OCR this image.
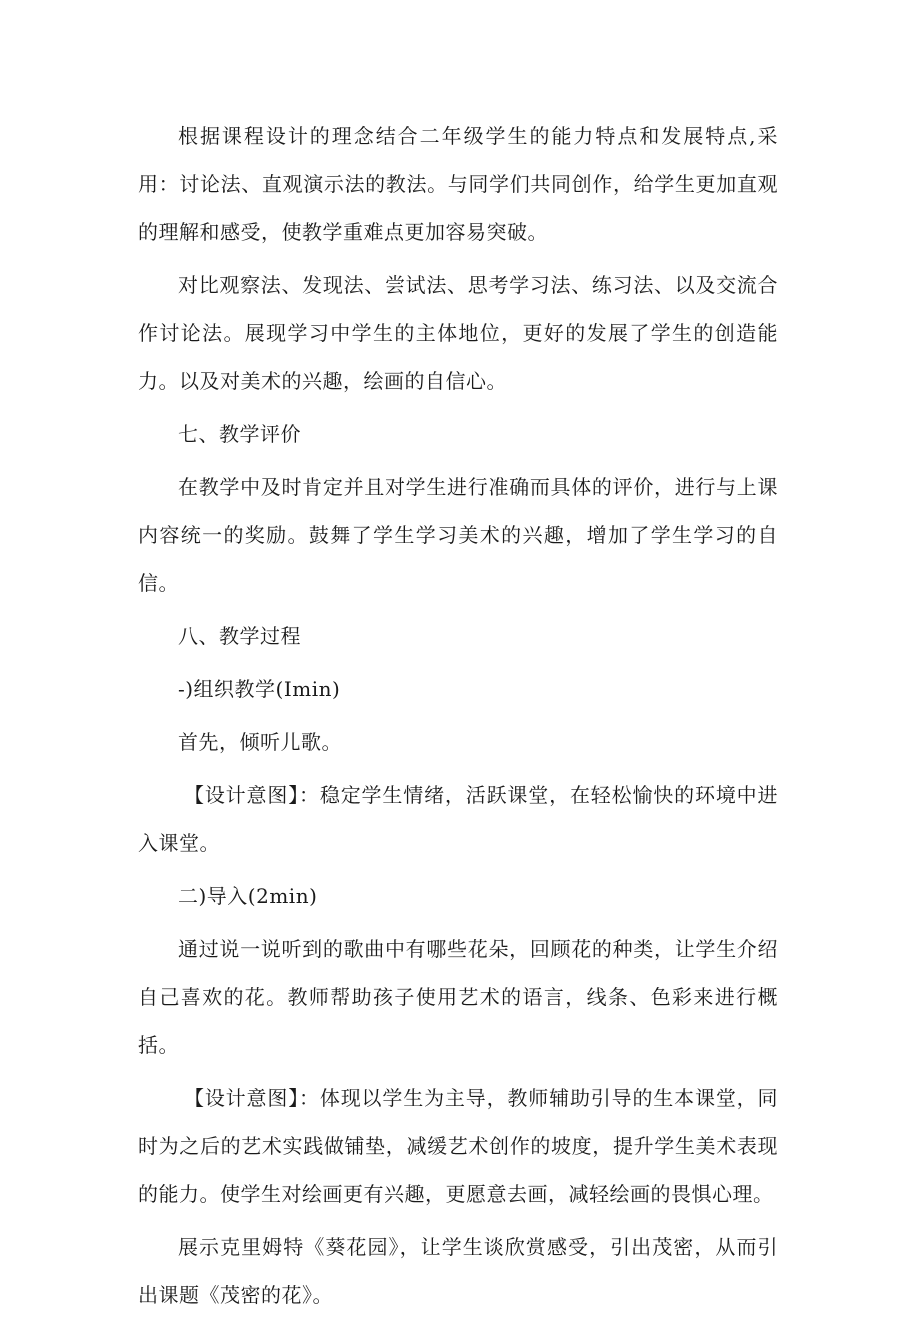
根据课程设计的理念结合二年级学生的能力特点和发展特点,采用：讨论法、直观演示法的教法。与同学们共同创作，给学生更加直观的理解和感受，使教学重难点更加容易突破。

对比观察法、发现法、尝试法、思考学习法、练习法、以及交流合作讨论法。展现学习中学生的主体地位，更好的发展了学生的创造能力。以及对美术的兴趣，绘画的自信心。

七、教学评价

在教学中及时肯定并且对学生进行准确而具体的评价，进行与上课内容统一的奖励。鼓舞了学生学习美术的兴趣，增加了学生学习的自信。

八、教学过程

-)组织教学(Imin)

首先，倾听儿歌。

【设计意图】：稳定学生情绪，活跃课堂，在轻松愉快的环境中进入课堂。

二)导入(2min)

通过说一说听到的歌曲中有哪些花朵，回顾花的种类，让学生介绍自己喜欢的花。教师帮助孩子使用艺术的语言，线条、色彩来进行概括。

【设计意图】：体现以学生为主导，教师辅助引导的生本课堂，同时为之后的艺术实践做铺垫，减缓艺术创作的坡度，提升学生美术表现的能力。使学生对绘画更有兴趣，更愿意去画，减轻绘画的畏惧心理。

展示克里姆特《葵花园》，让学生谈欣赏感受，引出茂密，从而引出课题《茂密的花》。
